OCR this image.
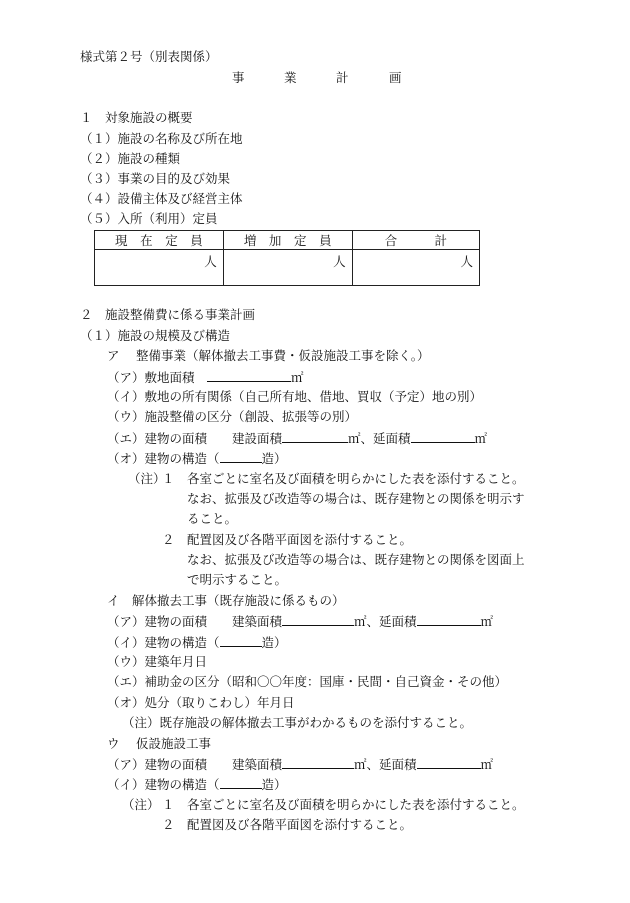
様式第２号（別表関係）
事	業	計	画
１　対象施設の概要
（１）施設の名称及び所在地
（２）施設の種類
（３）事業の目的及び効果
（４）設備主体及び経営主体
（５）入所（利用）定員
現 在 定 員	増 加 定 員	合 計

人	人	人
２　施設整備費に係る事業計画
（１）施設の規模及び構造
ア　 整備事業（解体撤去工事費・仮設施設工事を除く。）
（ア）敷地面積　	㎡
（イ）敷地の所有関係（自己所有地、借地、買収（予定）地の別）
（ウ）施設整備の区分（創設、拡張等の別）
（エ）建物の面積　　建設面積	㎡、延面積	㎡
（オ）建物の構造（	造）
（注）
１ 各室ごとに室名及び面積を明らかにした表を添付すること。
なお、拡張及び改造等の場合は、既存建物との関係を明示す
ること。
２ 配置図及び各階平面図を添付すること。
なお、拡張及び改造等の場合は、既存建物との関係を図面上
で明示すること。
イ　解体撤去工事（既存施設に係るもの）
（ア）建物の面積　　建築面積	㎡、延面積	㎡
（イ）建物の構造（	造）
（ウ）建築年月日
（エ）補助金の区分（昭和〇〇年度：国庫・民間・自己資金・その他）
（オ）処分（取りこわし）年月日
（注）既存施設の解体撤去工事がわかるものを添付すること。
ウ　 仮設施設工事
（ア）建物の面積　　建築面積	㎡、延面積	㎡
（イ）建物の構造（	造）
（注） １ 各室ごとに室名及び面積を明らかにした表を添付すること。
２ 配置図及び各階平面図を添付すること。
